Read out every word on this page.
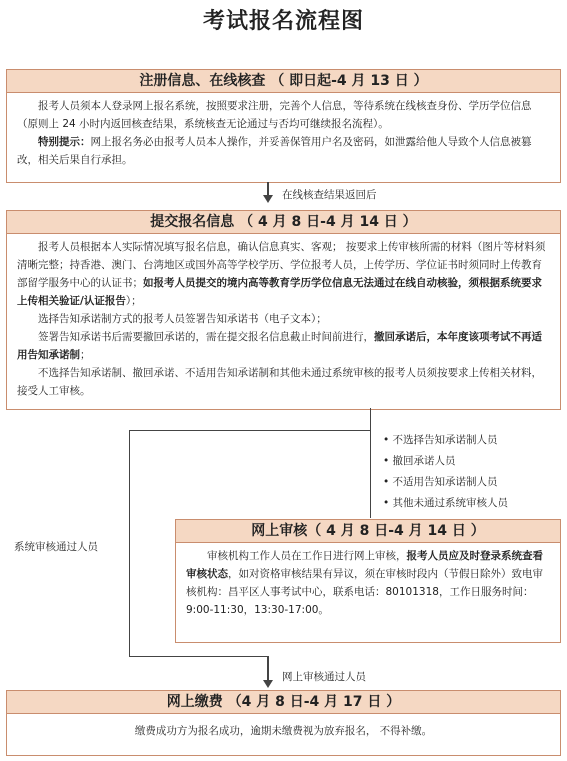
考试报名流程图
注册信息、在线核查 （ 即日起-4 月 13 日 ）

报考人员须本人登录网上报名系统，按照要求注册，完善个人信息，等待系统在线核查身份、学历学位信息（原则上 24 小时内返回核查结果，系统核查无论通过与否均可继续报名流程）。

特别提示：网上报名务必由报考人员本人操作，并妥善保管用户名及密码，如泄露给他人导致个人信息被篡改，相关后果自行承担。

在线核查结果返回后
提交报名信息 （ 4 月 8 日-4 月 14 日 ）

报考人员根据本人实际情况填写报名信息，确认信息真实、客观； 按要求上传审核所需的材料（图片等材料须清晰完整；持香港、澳门、台湾地区或国外高等学校学历、学位报考人员，上传学历、学位证书时须同时上传教育部留学服务中心的认证书；如报考人员提交的境内高等教育学历学位信息无法通过在线自动核验，须根据系统要求上传相关验证/认证报告）；

选择告知承诺制方式的报考人员签署告知承诺书（电子文本）；

签署告知承诺书后需要撤回承诺的，需在提交报名信息截止时间前进行，撤回承诺后，本年度该项考试不再适用告知承诺制；

不选择告知承诺制、撤回承诺、不适用告知承诺制和其他未通过系统审核的报考人员须按要求上传相关材料，接受人工审核。

• 不选择告知承诺制人员
• 撤回承诺人员
• 不适用告知承诺制人员
• 其他未通过系统审核人员
系统审核通过人员
网上审核（ 4 月 8 日-4 月 14 日 ）

审核机构工作人员在工作日进行网上审核，报考人员应及时登录系统查看审核状态，如对资格审核结果有异议，须在审核时段内（节假日除外）致电审核机构：昌平区人事考试中心，联系电话：80101318，工作日服务时间：9:00-11:30，13:30-17:00。

网上审核通过人员
网上缴费 （4 月 8 日-4 月 17 日 ）

缴费成功方为报名成功，逾期未缴费视为放弃报名， 不得补缴。
